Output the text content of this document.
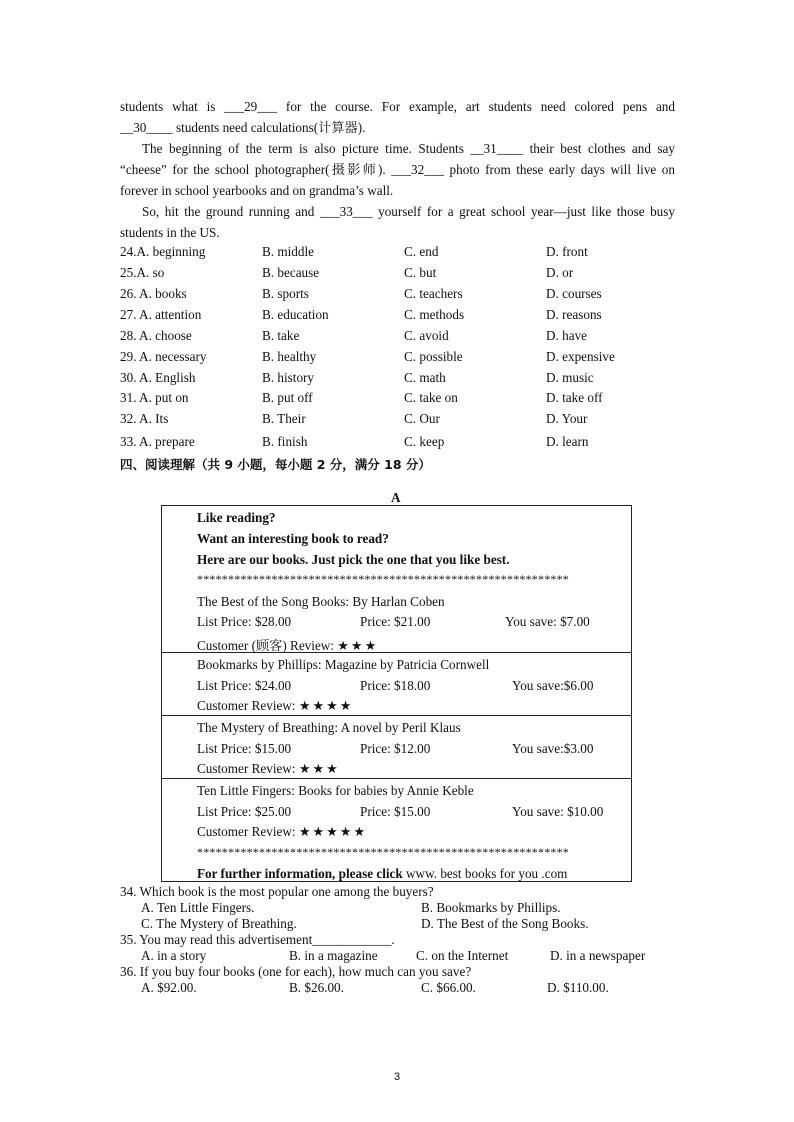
students what is ___29___ for the course. For example, art students need colored pens and

__30____ students need calculations(计算器).

The beginning of the term is also picture time. Students __31____ their best clothes and say

“cheese” for the school photographer(摄影师). ___32___ photo from these early days will live on

forever in school yearbooks and on grandma’s wall.

So, hit the ground running and ___33___ yourself for a great school year—just like those busy

students in the US.

24.A. beginning	B. middle	C. end	D. front
25.A. so	B. because	C. but	D. or
26. A. books	B. sports	C. teachers	D. courses
27. A. attention	B. education	C. methods	D. reasons
28. A. choose	B. take	C. avoid	D. have
29. A. necessary	B. healthy	C. possible	D. expensive
30. A. English	B. history	C. math	D. music
31. A. put on	B. put off	C. take on	D. take off
32. A. Its	B. Their	C. Our	D. Your
33. A. prepare	B. finish	C. keep	D. learn
四、阅读理解（共 9 小题，每小题 2 分，满分 18 分）
A
Like reading?
Want an interesting book to read?
Here are our books. Just pick the one that you like best.
************************************************************
The Best of the Song Books: By Harlan Coben
List Price: $28.00	Price: $21.00	You save: $7.00
Customer (顾客) Review: ★★★
Bookmarks by Phillips: Magazine by Patricia Cornwell
List Price: $24.00	Price: $18.00	You save:$6.00
Customer Review: ★★★★
The Mystery of Breathing: A novel by Peril Klaus
List Price: $15.00	Price: $12.00	You save:$3.00
Customer Review: ★★★
Ten Little Fingers: Books for babies by Annie Keble
List Price: $25.00	Price: $15.00	You save: $10.00
Customer Review: ★★★★★
************************************************************
For further information, please click www. best books for you .com
34. Which book is the most popular one among the buyers?
A. Ten Little Fingers.	B. Bookmarks by Phillips.
C. The Mystery of Breathing.	D. The Best of the Song Books.
35. You may read this advertisement____________.
A. in a story	B. in a magazine	C. on the Internet	D. in a newspaper
36. If you buy four books (one for each), how much can you save?
A. $92.00.	B. $26.00.	C. $66.00.	D. $110.00.
3
